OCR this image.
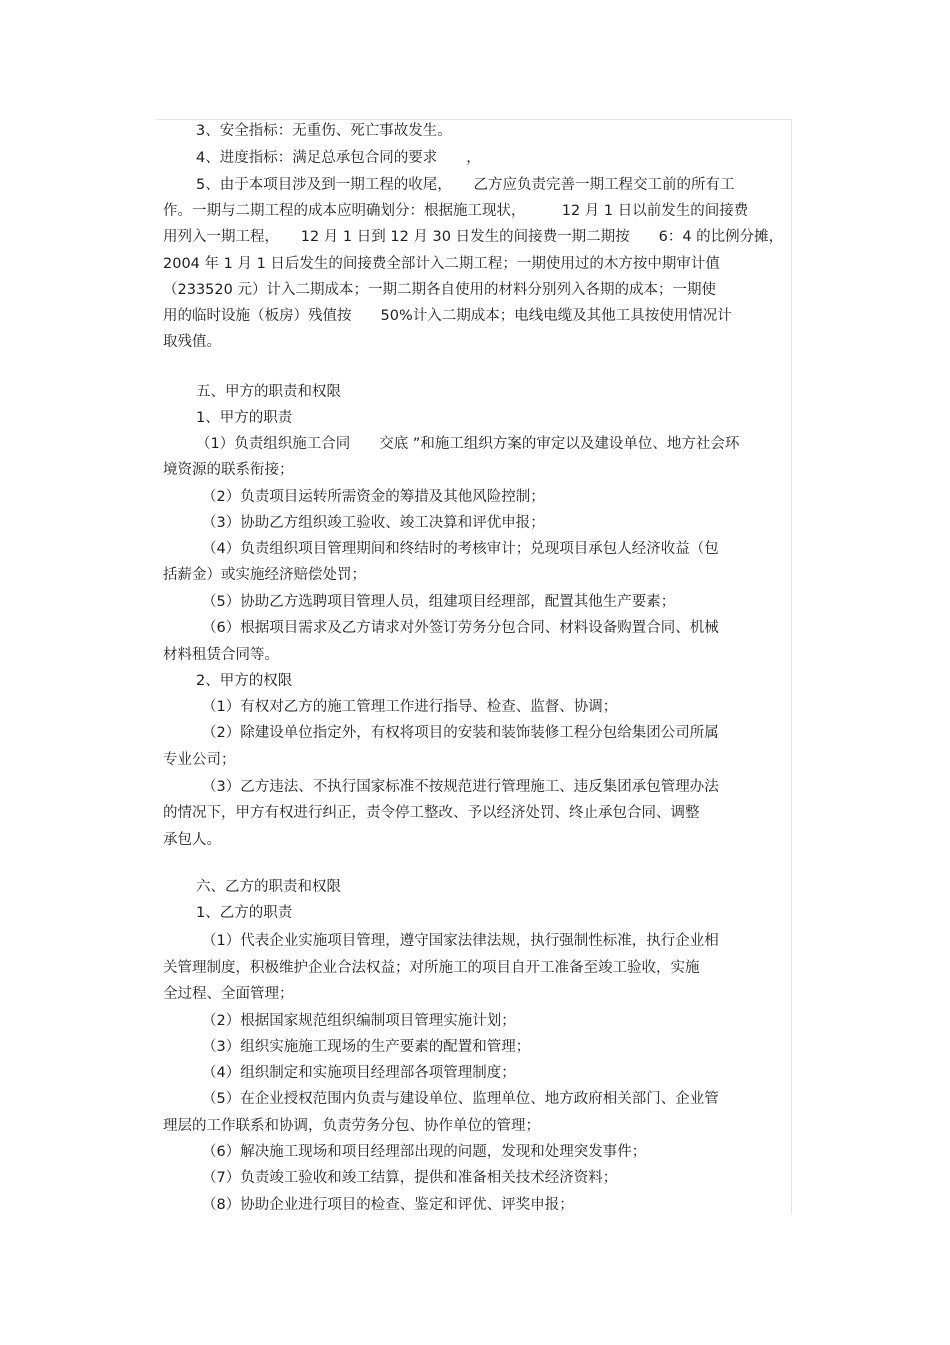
3、安全指标：无重伤、死亡事故发生。
4、进度指标：满足总承包合同的要求　　，
5、由于本项目涉及到一期工程的收尾，　　乙方应负责完善一期工程交工前的所有工
作。一期与二期工程的成本应明确划分：根据施工现状，　　　12 月 1 日以前发生的间接费
用列入一期工程，　　12 月 1 日到 12 月 30 日发生的间接费一期二期按　　6：4 的比例分摊，
2004 年 1 月 1 日后发生的间接费全部计入二期工程；一期使用过的木方按中期审计值
（233520 元）计入二期成本；一期二期各自使用的材料分别列入各期的成本；一期使
用的临时设施（板房）残值按　　50%计入二期成本；电线电缆及其他工具按使用情况计
取残值。
五、甲方的职责和权限
1、甲方的职责
（1）负责组织施工合同　　交底 ”和施工组织方案的审定以及建设单位、地方社会环
境资源的联系衔接；
（2）负责项目运转所需资金的筹措及其他风险控制；
（3）协助乙方组织竣工验收、竣工决算和评优申报；
（4）负责组织项目管理期间和终结时的考核审计；兑现项目承包人经济收益（包
括薪金）或实施经济赔偿处罚；
（5）协助乙方选聘项目管理人员，组建项目经理部，配置其他生产要素；
（6）根据项目需求及乙方请求对外签订劳务分包合同、材料设备购置合同、机械
材料租赁合同等。
2、甲方的权限
（1）有权对乙方的施工管理工作进行指导、检查、监督、协调；
（2）除建设单位指定外，有权将项目的安装和装饰装修工程分包给集团公司所属
专业公司；
（3）乙方违法、不执行国家标准不按规范进行管理施工、违反集团承包管理办法
的情况下，甲方有权进行纠正，责令停工整改、予以经济处罚、终止承包合同、调整
承包人。
六、乙方的职责和权限
1、乙方的职责
（1）代表企业实施项目管理，遵守国家法律法规，执行强制性标准，执行企业相
关管理制度，积极维护企业合法权益；对所施工的项目自开工准备至竣工验收，实施
全过程、全面管理；
（2）根据国家规范组织编制项目管理实施计划；
（3）组织实施施工现场的生产要素的配置和管理；
（4）组织制定和实施项目经理部各项管理制度；
（5）在企业授权范围内负责与建设单位、监理单位、地方政府相关部门、企业管
理层的工作联系和协调，负责劳务分包、协作单位的管理；
（6）解决施工现场和项目经理部出现的问题，发现和处理突发事件；
（7）负责竣工验收和竣工结算，提供和准备相关技术经济资料；
（8）协助企业进行项目的检查、鉴定和评优、评奖申报；
